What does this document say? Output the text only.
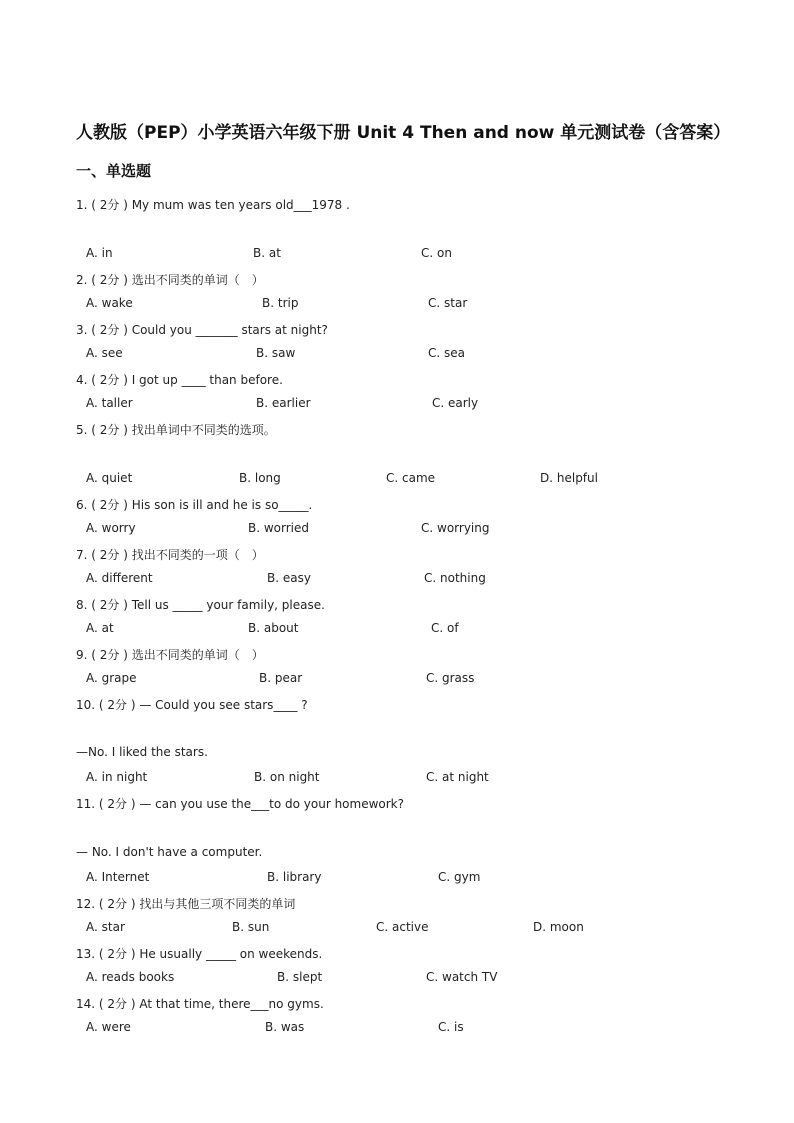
人教版（PEP）小学英语六年级下册 Unit 4 Then and now 单元测试卷（含答案）
一、单选题
1. ( 2分 ) My mum was ten years old___1978 .
A. in	B. at	C. on
2. ( 2分 ) 选出不同类的单词（　）
A. wake	B. trip	C. star
3. ( 2分 ) Could you _______ stars at night?
A. see	B. saw	C. sea
4. ( 2分 ) I got up ____ than before.
A. taller	B. earlier	C. early
5. ( 2分 ) 找出单词中不同类的选项。
A. quiet	B. long	C. came	D. helpful
6. ( 2分 ) His son is ill and he is so_____.
A. worry	B. worried	C. worrying
7. ( 2分 ) 找出不同类的一项（　）
A. different	B. easy	C. nothing
8. ( 2分 ) Tell us _____ your family, please.
A. at	B. about	C. of
9. ( 2分 ) 选出不同类的单词（　）
A. grape	B. pear	C. grass
10. ( 2分 ) — Could you see stars____ ?
—No. I liked the stars.
A. in night	B. on night	C. at night
11. ( 2分 ) — can you use the___to do your homework?
— No. I don't have a computer.
A. Internet	B. library	C. gym
12. ( 2分 ) 找出与其他三项不同类的单词
A. star	B. sun	C. active	D. moon
13. ( 2分 ) He usually _____ on weekends.
A. reads books	B. slept	C. watch TV
14. ( 2分 ) At that time, there___no gyms.
A. were	B. was	C. is
